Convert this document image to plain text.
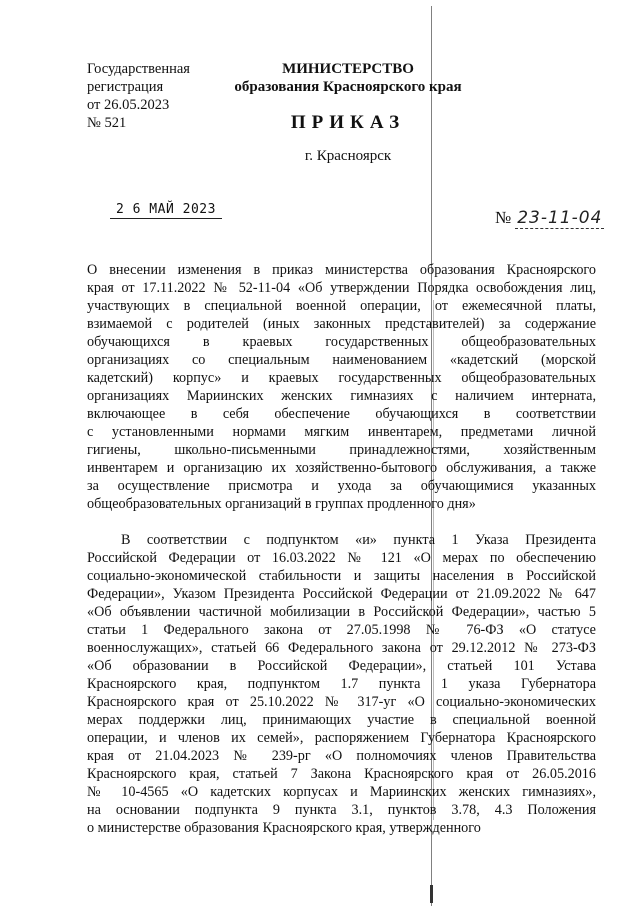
Государственная
регистрация
от 26.05.2023
№ 521
МИНИСТЕРСТВО
образования Красноярского края
ПРИКАЗ
г. Красноярск
2 6 МАЙ 2023	№ 23-11-04
О внесении изменения в приказ министерства образования Красноярского
края от 17.11.2022 № 52-11-04 «Об утверждении Порядка освобождения лиц,
участвующих в специальной военной операции, от ежемесячной платы,
взимаемой с родителей (иных законных представителей) за содержание
обучающихся в краевых государственных общеобразовательных
организациях со специальным наименованием «кадетский (морской
кадетский) корпус» и краевых государственных общеобразовательных
организациях Мариинских женских гимназиях с наличием интерната,
включающее в себя обеспечение обучающихся в соответствии
с установленными нормами мягким инвентарем, предметами личной
гигиены, школьно-письменными принадлежностями, хозяйственным
инвентарем и организацию их хозяйственно-бытового обслуживания, а также
за осуществление присмотра и ухода за обучающимися указанных
общеобразовательных организаций в группах продленного дня»
В соответствии с подпунктом «и» пункта 1 Указа Президента
Российской Федерации от 16.03.2022 № 121 «О мерах по обеспечению
социально-экономической стабильности и защиты населения в Российской
Федерации», Указом Президента Российской Федерации от 21.09.2022 № 647
«Об объявлении частичной мобилизации в Российской Федерации», частью 5
статьи 1 Федерального закона от 27.05.1998 № 76-ФЗ «О статусе
военнослужащих», статьей 66 Федерального закона от 29.12.2012 № 273-ФЗ
«Об образовании в Российской Федерации», статьей 101 Устава
Красноярского края, подпунктом 1.7 пункта 1 указа Губернатора
Красноярского края от 25.10.2022 № 317-уг «О социально-экономических
мерах поддержки лиц, принимающих участие в специальной военной
операции, и членов их семей», распоряжением Губернатора Красноярского
края от 21.04.2023 № 239-рг «О полномочиях членов Правительства
Красноярского края, статьей 7 Закона Красноярского края от 26.05.2016
№ 10-4565 «О кадетских корпусах и Мариинских женских гимназиях»,
на основании подпункта 9 пункта 3.1, пунктов 3.78, 4.3 Положения
о министерстве образования Красноярского края, утвержденного
